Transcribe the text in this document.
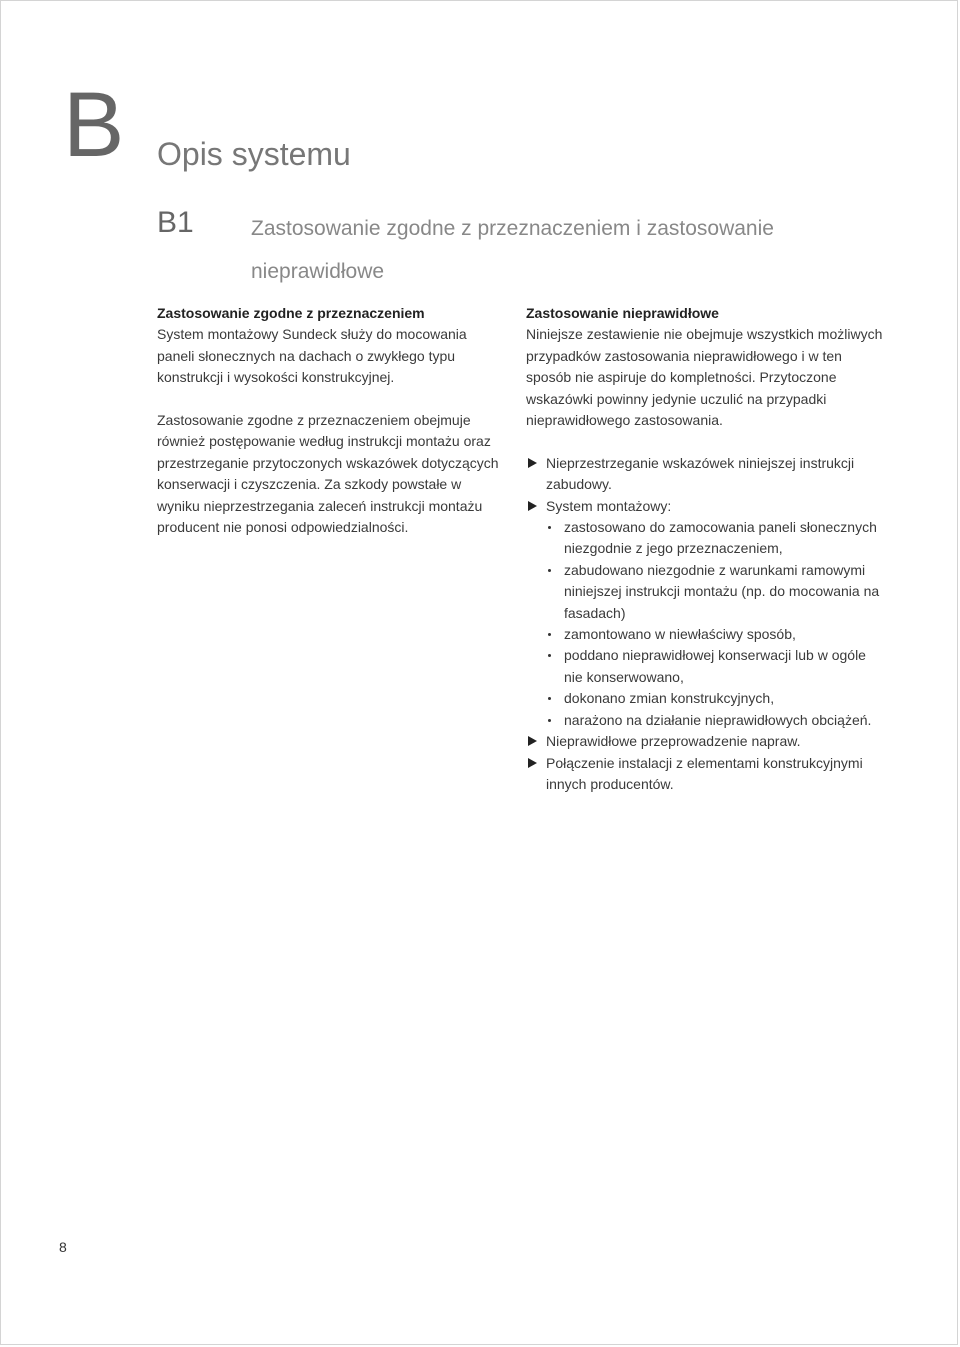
B Opis systemu
B1	Zastosowanie zgodne z przeznaczeniem i zastosowanie nieprawidłowe
Zastosowanie zgodne z przeznaczeniem

System montażowy Sundeck służy do mocowania paneli słonecznych na dachach o zwykłego typu konstrukcji i wysokości konstrukcyjnej.

Zastosowanie zgodne z przeznaczeniem obejmuje również postępowanie według instrukcji montażu oraz przestrzeganie przytoczonych wskazówek dotyczących konserwacji i czyszczenia. Za szkody powstałe w wyniku nieprzestrzegania zaleceń instrukcji montażu producent nie ponosi odpowiedzialności.

Zastosowanie nieprawidłowe

Niniejsze zestawienie nie obejmuje wszystkich możliwych przypadków zastosowania nieprawidłowego i w ten sposób nie aspiruje do kompletności. Przytoczone wskazówki powinny jedynie uczulić na przypadki nieprawidłowego zastosowania.

Nieprzestrzeganie wskazówek niniejszej instrukcji zabudowy.
System montażowy:
zastosowano do zamocowania paneli słonecznych niezgodnie z jego przeznaczeniem,
zabudowano niezgodnie z warunkami ramowymi niniejszej instrukcji montażu (np. do mocowania na fasadach)
zamontowano w niewłaściwy sposób,
poddano nieprawidłowej konserwacji lub w ogóle nie konserwowano,
dokonano zmian konstrukcyjnych,
narażono na działanie nieprawidłowych obciążeń.
Nieprawidłowe przeprowadzenie napraw.
Połączenie instalacji z elementami konstrukcyjnymi innych producentów.
8
